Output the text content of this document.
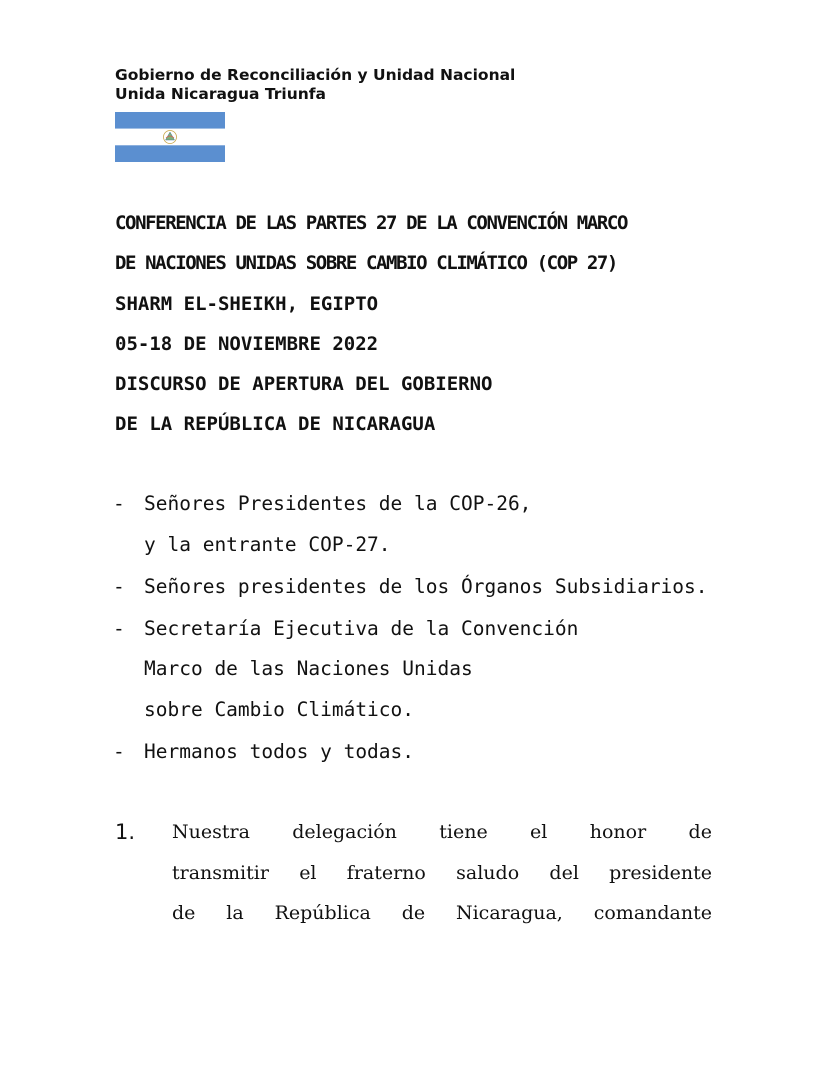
Gobierno de Reconciliación y Unidad Nacional
Unida Nicaragua Triunfa
CONFERENCIA DE LAS PARTES 27 DE LA CONVENCIÓN MARCO
DE NACIONES UNIDAS SOBRE CAMBIO CLIMÁTICO (COP 27)
SHARM EL-SHEIKH, EGIPTO
05-18 DE NOVIEMBRE 2022
DISCURSO DE APERTURA DEL GOBIERNO
DE LA REPÚBLICA DE NICARAGUA
- Señores Presidentes de la COP-26,
y la entrante COP-27.
- Señores presidentes de los Órganos Subsidiarios.
- Secretaría Ejecutiva de la Convención
Marco de las Naciones Unidas
sobre Cambio Climático.
- Hermanos todos y todas.
1.	Nuestra delegación tiene el honor de
transmitir el fraterno saludo del presidente
de la República de Nicaragua, comandante
